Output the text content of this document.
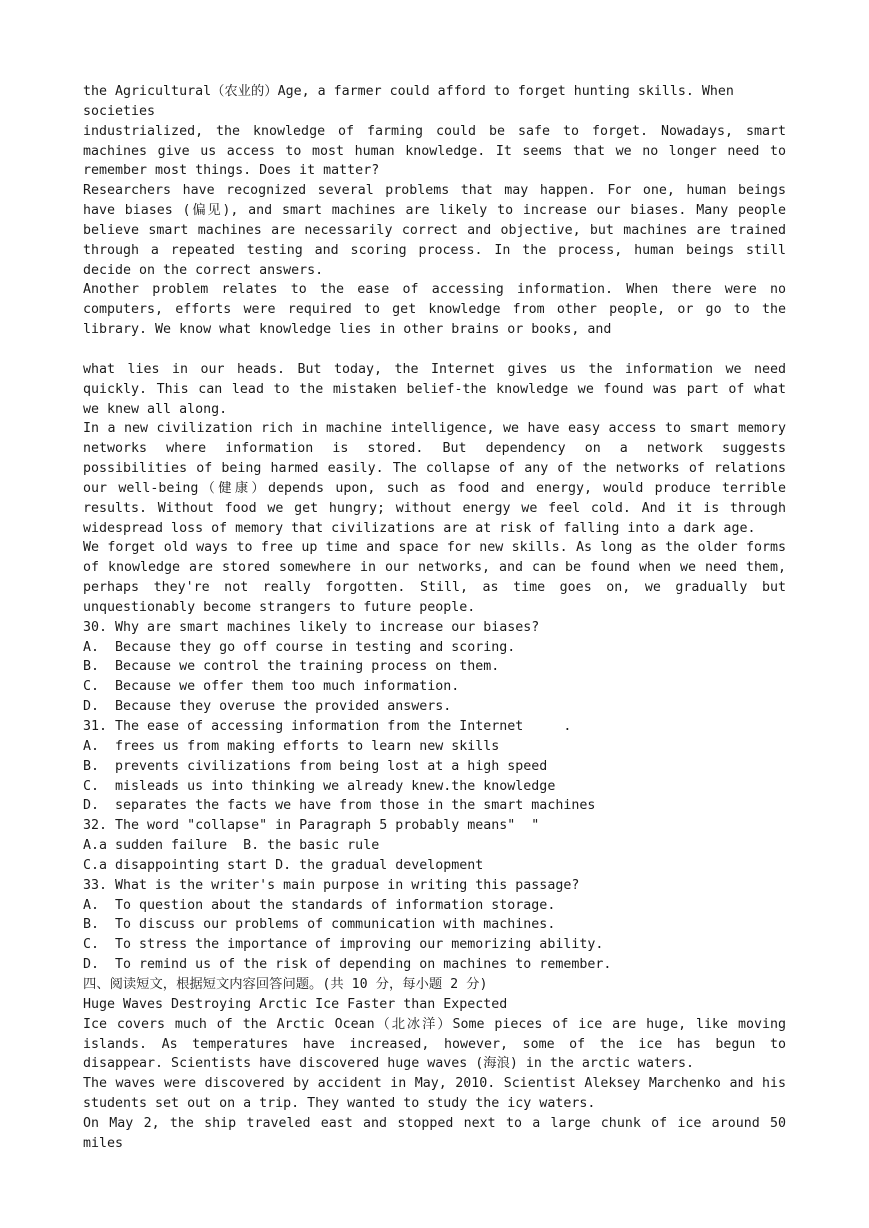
the Agricultural（农业的）Age, a farmer could afford to forget hunting skills. When

societies

industrialized, the knowledge of farming could be safe to forget. Nowadays, smart machines give us access to most human knowledge. It seems that we no longer need to remember most things. Does it matter?

Researchers have recognized several problems that may happen. For one, human beings have biases (偏见), and smart machines are likely to increase our biases. Many people believe smart machines are necessarily correct and objective, but machines are trained through a repeated testing and scoring process. In the process, human beings still decide on the correct answers.

Another problem relates to the ease of accessing information. When there were no computers, efforts were required to get knowledge from other people, or go to the library. We know what knowledge lies in other brains or books, and

what lies in our heads. But today, the Internet gives us the information we need quickly. This can lead to the mistaken belief-the knowledge we found was part of what we knew all along.

In a new civilization rich in machine intelligence, we have easy access to smart memory networks where information is stored. But dependency on a network suggests possibilities of being harmed easily. The collapse of any of the networks of relations our well-being（健康）depends upon, such as food and energy, would produce terrible results. Without food we get hungry; without energy we feel cold. And it is through widespread loss of memory that civilizations are at risk of falling into a dark age.

We forget old ways to free up time and space for new skills. As long as the older forms of knowledge are stored somewhere in our networks, and can be found when we need them, perhaps they're not really forgotten. Still, as time goes on, we gradually but unquestionably become strangers to future people.

30. Why are smart machines likely to increase our biases?

A.  Because they go off course in testing and scoring.

B.  Because we control the training process on them.

C.  Because we offer them too much information.

D.  Because they overuse the provided answers.

31. The ease of accessing information from the Internet     .

A.  frees us from making efforts to learn new skills

B.  prevents civilizations from being lost at a high speed

C.  misleads us into thinking we already knew.the knowledge

D.  separates the facts we have from those in the smart machines

32. The word "collapse" in Paragraph 5 probably means"  "

A.a sudden failure  B. the basic rule

C.a disappointing start D. the gradual development

33. What is the writer's main purpose in writing this passage?

A.  To question about the standards of information storage.

B.  To discuss our problems of communication with machines.

C.  To stress the importance of improving our memorizing ability.

D.  To remind us of the risk of depending on machines to remember.

四、阅读短文，根据短文内容回答问题。(共 10 分，每小题 2 分)

Huge Waves Destroying Arctic Ice Faster than Expected

Ice covers much of the Arctic Ocean（北冰洋）Some pieces of ice are huge, like moving islands. As temperatures have increased, however, some of the ice has begun to disappear. Scientists have discovered huge waves (海浪) in the arctic waters.

The waves were discovered by accident in May, 2010. Scientist Aleksey Marchenko and his students set out on a trip. They wanted to study the icy waters.

On May 2, the ship traveled east and stopped next to a large chunk of ice around 50 miles
